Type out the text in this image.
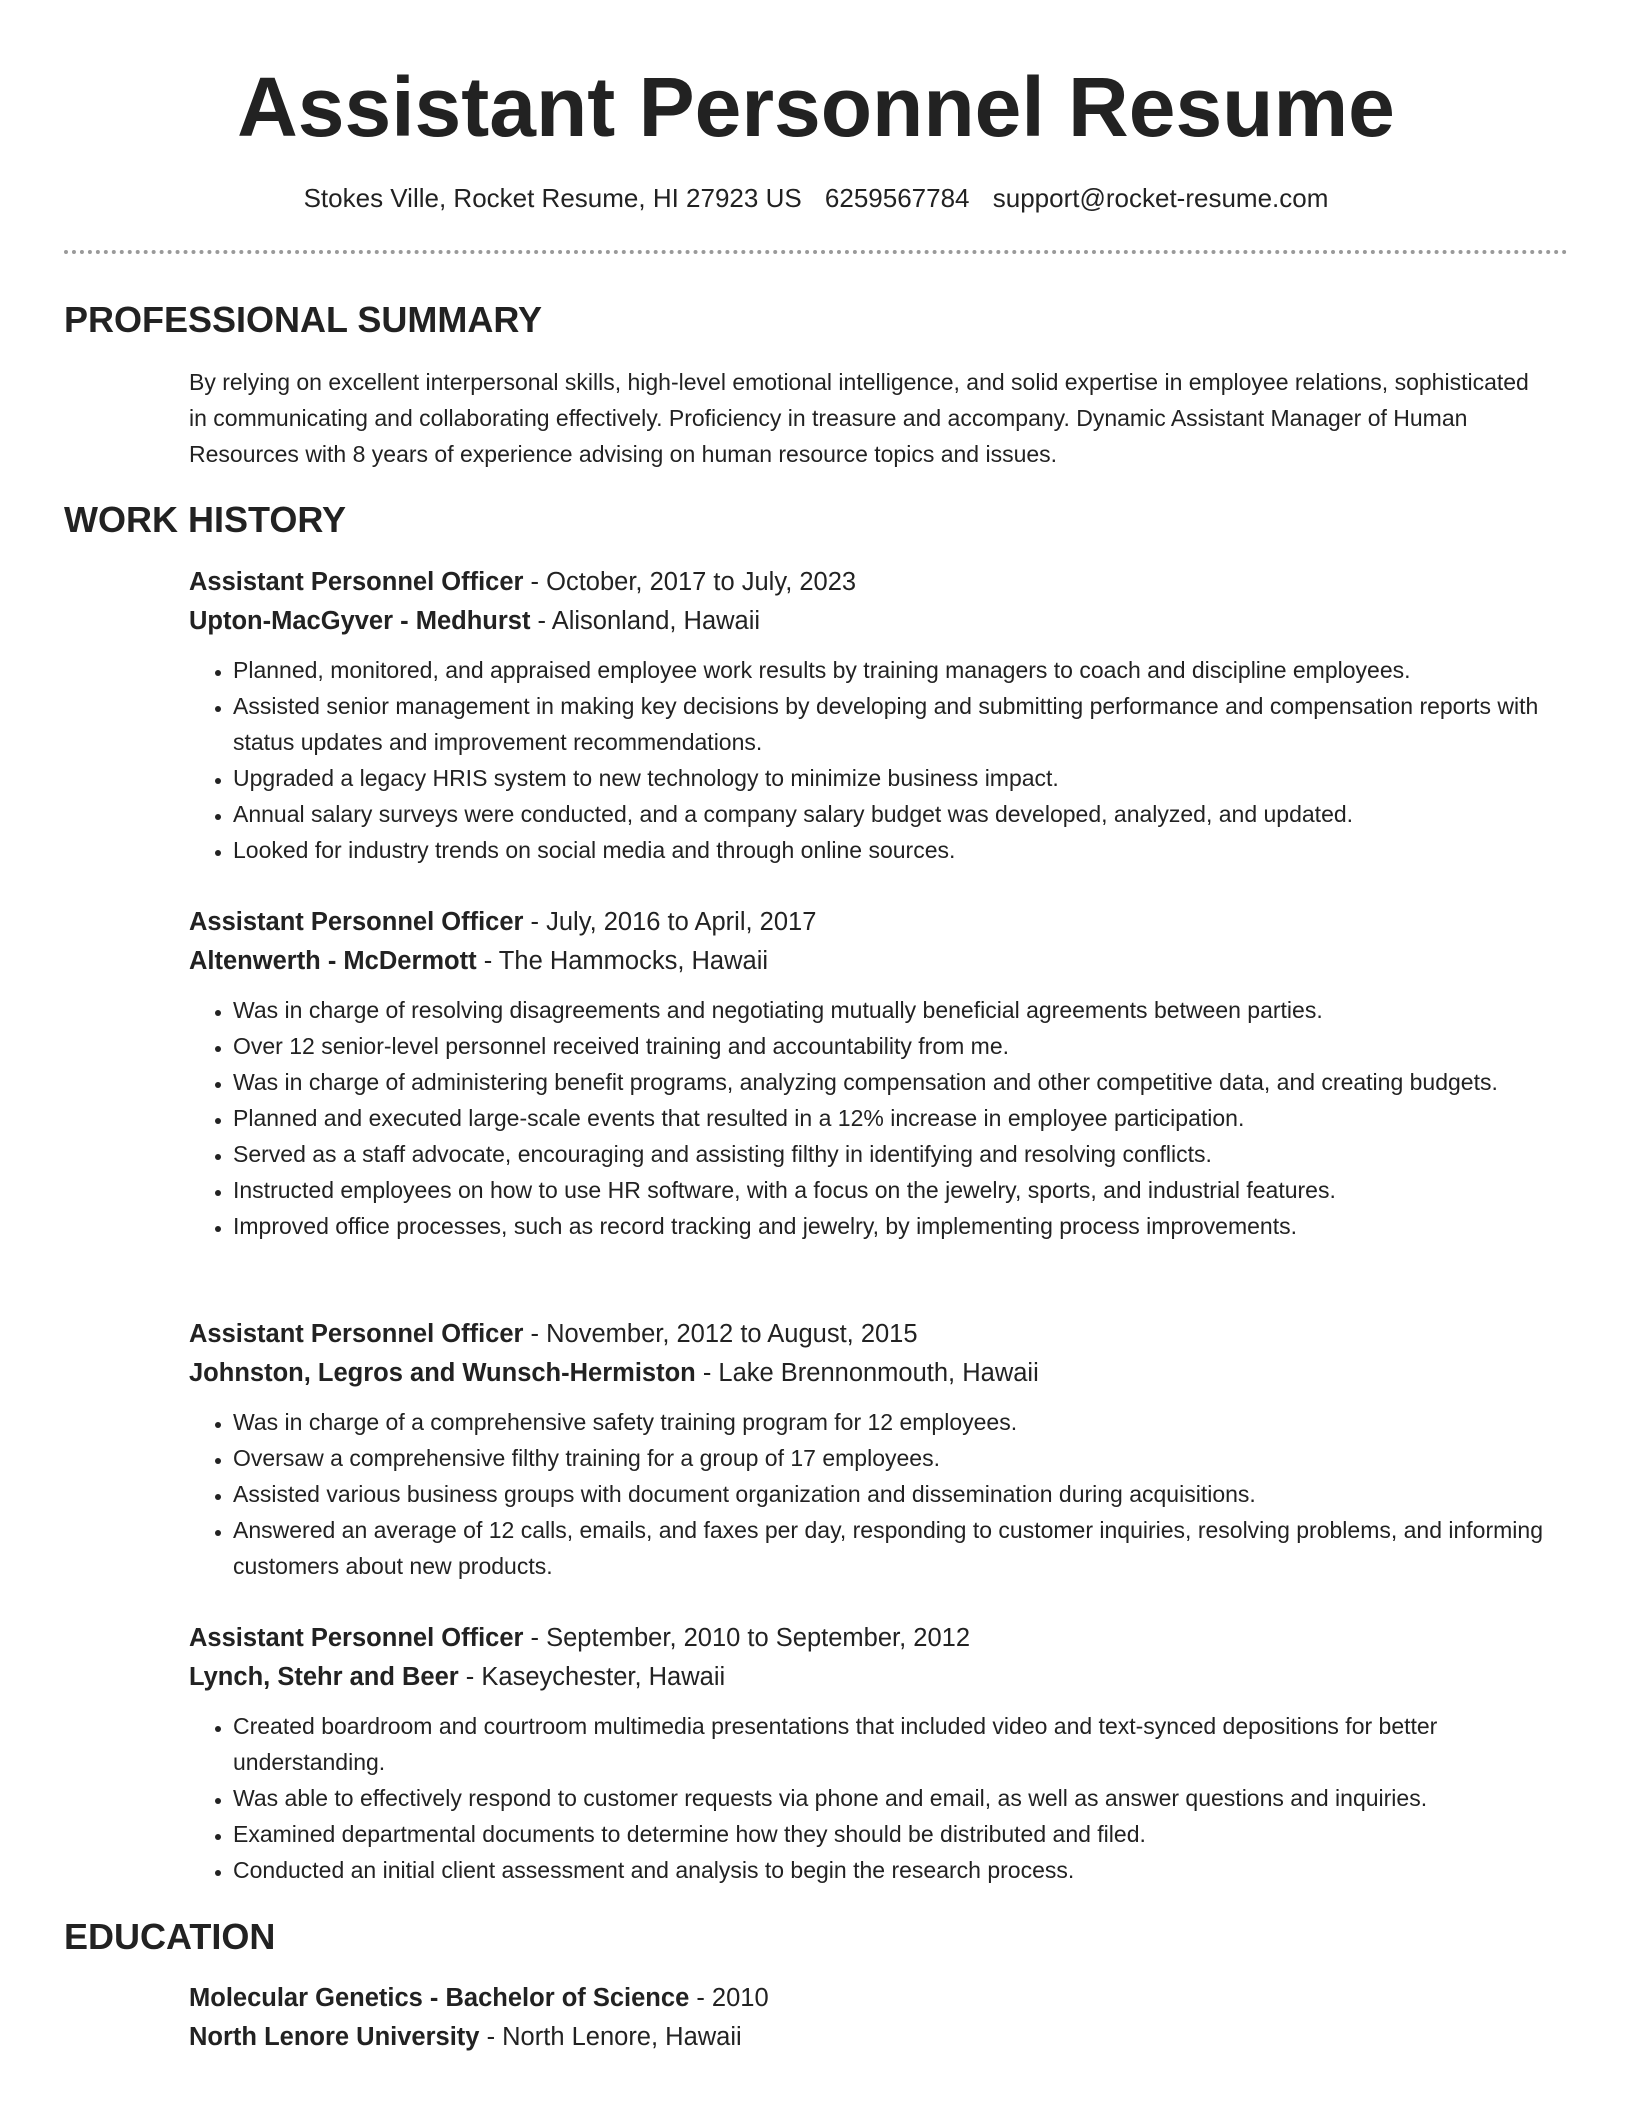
Assistant Personnel Resume
Stokes Ville, Rocket Resume, HI 27923 US 6259567784 support@rocket-resume.com
PROFESSIONAL SUMMARY
By relying on excellent interpersonal skills, high-level emotional intelligence, and solid expertise in employee relations, sophisticated in communicating and collaborating effectively. Proficiency in treasure and accompany. Dynamic Assistant Manager of Human Resources with 8 years of experience advising on human resource topics and issues.
WORK HISTORY
Assistant Personnel Officer - October, 2017 to July, 2023
Upton-MacGyver - Medhurst - Alisonland, Hawaii
• Planned, monitored, and appraised employee work results by training managers to coach and discipline employees.
• Assisted senior management in making key decisions by developing and submitting performance and compensation reports with status updates and improvement recommendations.
• Upgraded a legacy HRIS system to new technology to minimize business impact.
• Annual salary surveys were conducted, and a company salary budget was developed, analyzed, and updated.
• Looked for industry trends on social media and through online sources.
Assistant Personnel Officer - July, 2016 to April, 2017
Altenwerth - McDermott - The Hammocks, Hawaii
• Was in charge of resolving disagreements and negotiating mutually beneficial agreements between parties.
• Over 12 senior-level personnel received training and accountability from me.
• Was in charge of administering benefit programs, analyzing compensation and other competitive data, and creating budgets.
• Planned and executed large-scale events that resulted in a 12% increase in employee participation.
• Served as a staff advocate, encouraging and assisting filthy in identifying and resolving conflicts.
• Instructed employees on how to use HR software, with a focus on the jewelry, sports, and industrial features.
• Improved office processes, such as record tracking and jewelry, by implementing process improvements.
Assistant Personnel Officer - November, 2012 to August, 2015
Johnston, Legros and Wunsch-Hermiston - Lake Brennonmouth, Hawaii
• Was in charge of a comprehensive safety training program for 12 employees.
• Oversaw a comprehensive filthy training for a group of 17 employees.
• Assisted various business groups with document organization and dissemination during acquisitions.
• Answered an average of 12 calls, emails, and faxes per day, responding to customer inquiries, resolving problems, and informing customers about new products.
Assistant Personnel Officer - September, 2010 to September, 2012
Lynch, Stehr and Beer - Kaseychester, Hawaii
• Created boardroom and courtroom multimedia presentations that included video and text-synced depositions for better understanding.
• Was able to effectively respond to customer requests via phone and email, as well as answer questions and inquiries.
• Examined departmental documents to determine how they should be distributed and filed.
• Conducted an initial client assessment and analysis to begin the research process.
EDUCATION
Molecular Genetics - Bachelor of Science - 2010
North Lenore University - North Lenore, Hawaii
